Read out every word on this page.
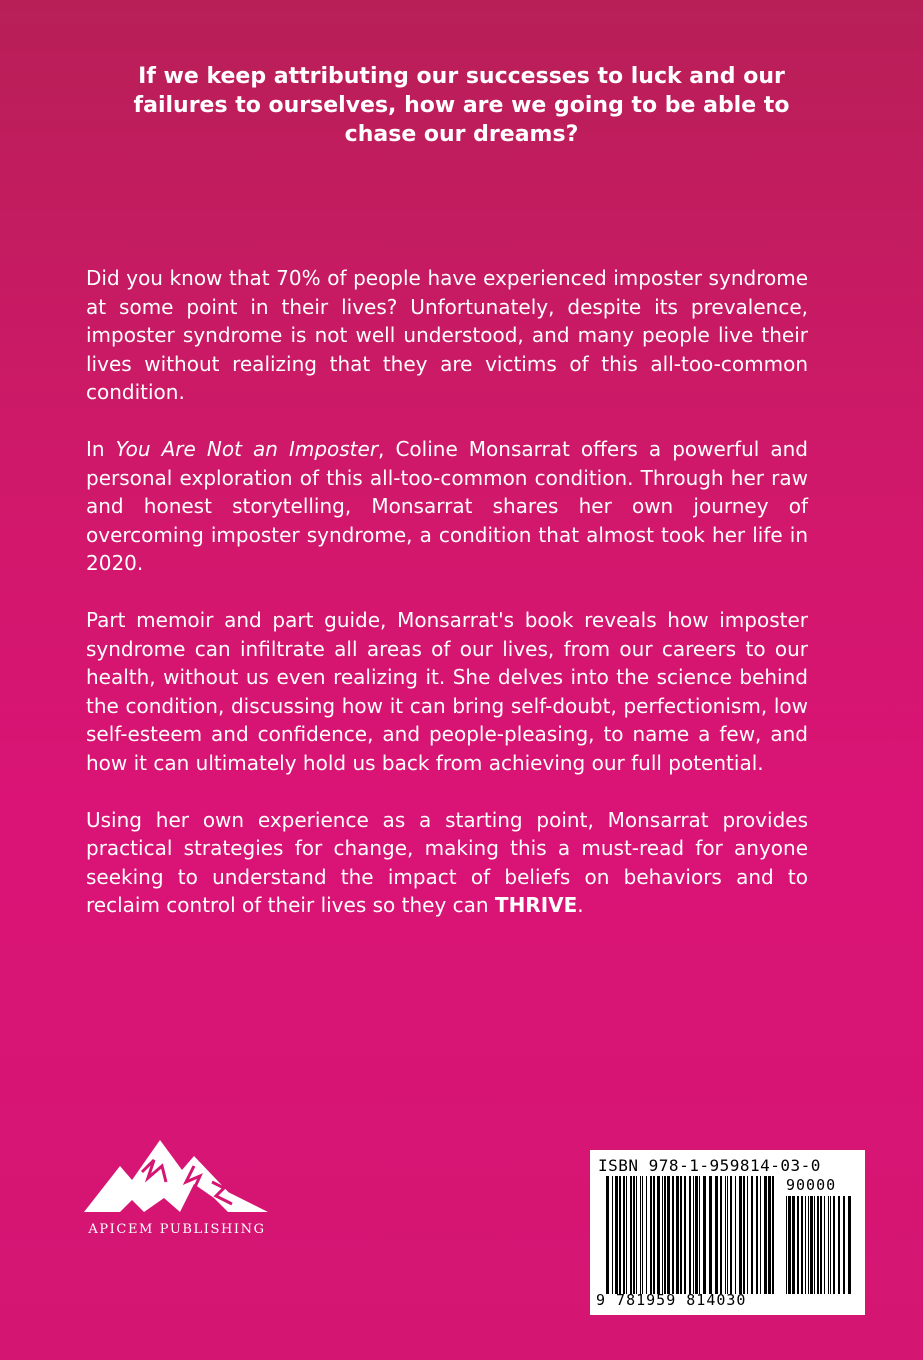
If we keep attributing our successes to luck and our failures to ourselves, how are we going to be able to chase our dreams?

Did you know that 70% of people have experienced imposter syndrome at some point in their lives? Unfortunately, despite its prevalence, imposter syndrome is not well understood, and many people live their lives without realizing that they are victims of this all-too-common condition.

In You Are Not an Imposter, Coline Monsarrat offers a powerful and personal exploration of this all-too-common condition. Through her raw and honest storytelling, Monsarrat shares her own journey of overcoming imposter syndrome, a condition that almost took her life in 2020.

Part memoir and part guide, Monsarrat's book reveals how imposter syndrome can infiltrate all areas of our lives, from our careers to our health, without us even realizing it. She delves into the science behind the condition, discussing how it can bring self-doubt, perfectionism, low self-esteem and confidence, and people-pleasing, to name a few, and how it can ultimately hold us back from achieving our full potential.

Using her own experience as a starting point, Monsarrat provides practical strategies for change, making this a must-read for anyone seeking to understand the impact of beliefs on behaviors and to reclaim control of their lives so they can THRIVE.

APICEM PUBLISHING
ISBN 978-1-959814-03-0
90000
9 781959 814030
